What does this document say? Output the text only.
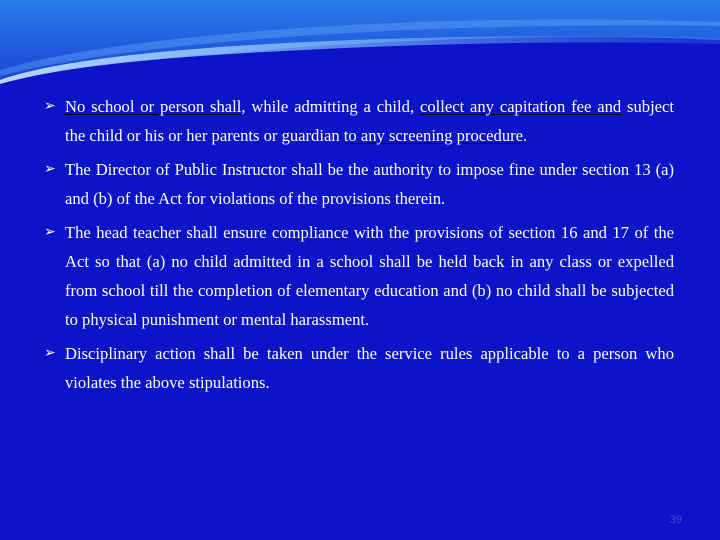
➢ No school or person shall, while admitting a child, collect any capitation fee and subject the child or his or her parents or guardian to any screening procedure.
➢ The Director of Public Instructor shall be the authority to impose fine under section 13 (a) and (b) of the Act for violations of the provisions therein.
➢ The head teacher shall ensure compliance with the provisions of section 16 and 17 of the Act so that (a) no child admitted in a school shall be held back in any class or expelled from school till the completion of elementary education and (b) no child shall be subjected to physical punishment or mental harassment.
➢ Disciplinary action shall be taken under the service rules applicable to a person who violates the above stipulations.
39
